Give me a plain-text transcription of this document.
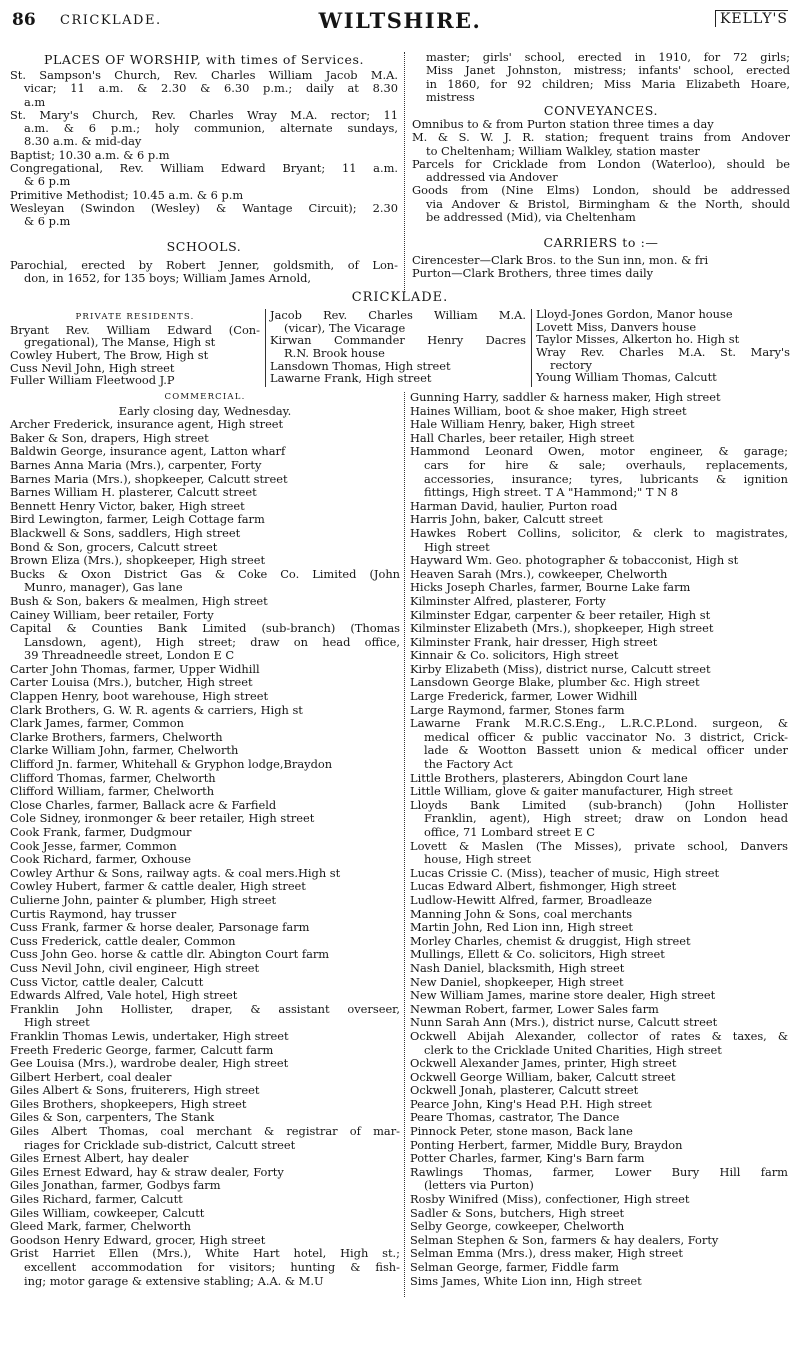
86 CRICKLADE.	WILTSHIRE.	KELLY'S
PLACES OF WORSHIP, with times of Services.
St. Sampson's Church, Rev. Charles William Jacob M.A.
vicar; 11 a.m. & 2.30 & 6.30 p.m.; daily at 8.30
a.m
St. Mary's Church, Rev. Charles Wray M.A. rector; 11
a.m. & 6 p.m.; holy communion, alternate sundays,
8.30 a.m. & mid-day
Baptist; 10.30 a.m. & 6 p.m
Congregational, Rev. William Edward Bryant; 11 a.m.
& 6 p.m
Primitive Methodist; 10.45 a.m. & 6 p.m
Wesleyan (Swindon (Wesley) & Wantage Circuit); 2.30
& 6 p.m
SCHOOLS.
Parochial, erected by Robert Jenner, goldsmith, of Lon-
don, in 1652, for 135 boys; William James Arnold,
master; girls' school, erected in 1910, for 72 girls;
Miss Janet Johnston, mistress; infants' school, erected
in 1860, for 92 children; Miss Maria Elizabeth Hoare,
mistress
CONVEYANCES.
Omnibus to & from Purton station three times a day
M. & S. W. J. R. station; frequent trains from Andover
to Cheltenham; William Walkley, station master
Parcels for Cricklade from London (Waterloo), should be
addressed via Andover
Goods from (Nine Elms) London, should be addressed
via Andover & Bristol, Birmingham & the North, should
be addressed (Mid), via Cheltenham
CARRIERS to :—
Cirencester—Clark Bros. to the Sun inn, mon. & fri
Purton—Clark Brothers, three times daily
CRICKLADE.
PRIVATE RESIDENTS.
Bryant Rev. William Edward (Con-
gregational), The Manse, High st
Cowley Hubert, The Brow, High st
Cuss Nevil John, High street
Fuller William Fleetwood J.P
Jacob Rev. Charles William M.A.
(vicar), The Vicarage
Kirwan Commander Henry Dacres
R.N. Brook house
Lansdown Thomas, High street
Lawarne Frank, High street
Lloyd-Jones Gordon, Manor house
Lovett Miss, Danvers house
Taylor Misses, Alkerton ho. High st
Wray Rev. Charles M.A. St. Mary's
rectory
Young William Thomas, Calcutt
COMMERCIAL.
Early closing day, Wednesday.
Archer Frederick, insurance agent, High street
Baker & Son, drapers, High street
Baldwin George, insurance agent, Latton wharf
Barnes Anna Maria (Mrs.), carpenter, Forty
Barnes Maria (Mrs.), shopkeeper, Calcutt street
Barnes William H. plasterer, Calcutt street
Bennett Henry Victor, baker, High street
Bird Lewington, farmer, Leigh Cottage farm
Blackwell & Sons, saddlers, High street
Bond & Son, grocers, Calcutt street
Brown Eliza (Mrs.), shopkeeper, High street
Bucks & Oxon District Gas & Coke Co. Limited (John
Munro, manager), Gas lane
Bush & Son, bakers & mealmen, High street
Cainey William, beer retailer, Forty
Capital & Counties Bank Limited (sub-branch) (Thomas
Lansdown, agent), High street; draw on head office,
39 Threadneedle street, London E C
Carter John Thomas, farmer, Upper Widhill
Carter Louisa (Mrs.), butcher, High street
Clappen Henry, boot warehouse, High street
Clark Brothers, G. W. R. agents & carriers, High st
Clark James, farmer, Common
Clarke Brothers, farmers, Chelworth
Clarke William John, farmer, Chelworth
Clifford Jn. farmer, Whitehall & Gryphon lodge,Braydon
Clifford Thomas, farmer, Chelworth
Clifford William, farmer, Chelworth
Close Charles, farmer, Ballack acre & Farfield
Cole Sidney, ironmonger & beer retailer, High street
Cook Frank, farmer, Dudgmour
Cook Jesse, farmer, Common
Cook Richard, farmer, Oxhouse
Cowley Arthur & Sons, railway agts. & coal mers.High st
Cowley Hubert, farmer & cattle dealer, High street
Culierne John, painter & plumber, High street
Curtis Raymond, hay trusser
Cuss Frank, farmer & horse dealer, Parsonage farm
Cuss Frederick, cattle dealer, Common
Cuss John Geo. horse & cattle dlr. Abington Court farm
Cuss Nevil John, civil engineer, High street
Cuss Victor, cattle dealer, Calcutt
Edwards Alfred, Vale hotel, High street
Franklin John Hollister, draper, & assistant overseer,
High street
Franklin Thomas Lewis, undertaker, High street
Freeth Frederic George, farmer, Calcutt farm
Gee Louisa (Mrs.), wardrobe dealer, High street
Gilbert Herbert, coal dealer
Giles Albert & Sons, fruiterers, High street
Giles Brothers, shopkeepers, High street
Giles & Son, carpenters, The Stank
Giles Albert Thomas, coal merchant & registrar of mar-
riages for Cricklade sub-district, Calcutt street
Giles Ernest Albert, hay dealer
Giles Ernest Edward, hay & straw dealer, Forty
Giles Jonathan, farmer, Godbys farm
Giles Richard, farmer, Calcutt
Giles William, cowkeeper, Calcutt
Gleed Mark, farmer, Chelworth
Goodson Henry Edward, grocer, High street
Grist Harriet Ellen (Mrs.), White Hart hotel, High st.;
excellent accommodation for visitors; hunting & fish-
ing; motor garage & extensive stabling; A.A. & M.U
Gunning Harry, saddler & harness maker, High street
Haines William, boot & shoe maker, High street
Hale William Henry, baker, High street
Hall Charles, beer retailer, High street
Hammond Leonard Owen, motor engineer, & garage;
cars for hire & sale; overhauls, replacements,
accessories, insurance; tyres, lubricants & ignition
fittings, High street. T A "Hammond;" T N 8
Harman David, haulier, Purton road
Harris John, baker, Calcutt street
Hawkes Robert Collins, solicitor, & clerk to magistrates,
High street
Hayward Wm. Geo. photographer & tobacconist, High st
Heaven Sarah (Mrs.), cowkeeper, Chelworth
Hicks Joseph Charles, farmer, Bourne Lake farm
Kilminster Alfred, plasterer, Forty
Kilminster Edgar, carpenter & beer retailer, High st
Kilminster Elizabeth (Mrs.), shopkeeper, High street
Kilminster Frank, hair dresser, High street
Kinnair & Co. solicitors, High street
Kirby Elizabeth (Miss), district nurse, Calcutt street
Lansdown George Blake, plumber &c. High street
Large Frederick, farmer, Lower Widhill
Large Raymond, farmer, Stones farm
Lawarne Frank M.R.C.S.Eng., L.R.C.P.Lond. surgeon, &
medical officer & public vaccinator No. 3 district, Crick-
lade & Wootton Bassett union & medical officer under
the Factory Act
Little Brothers, plasterers, Abingdon Court lane
Little William, glove & gaiter manufacturer, High street
Lloyds Bank Limited (sub-branch) (John Hollister
Franklin, agent), High street; draw on London head
office, 71 Lombard street E C
Lovett & Maslen (The Misses), private school, Danvers
house, High street
Lucas Crissie C. (Miss), teacher of music, High street
Lucas Edward Albert, fishmonger, High street
Ludlow-Hewitt Alfred, farmer, Broadleaze
Manning John & Sons, coal merchants
Martin John, Red Lion inn, High street
Morley Charles, chemist & druggist, High street
Mullings, Ellett & Co. solicitors, High street
Nash Daniel, blacksmith, High street
New Daniel, shopkeeper, High street
New William James, marine store dealer, High street
Newman Robert, farmer, Lower Sales farm
Nunn Sarah Ann (Mrs.), district nurse, Calcutt street
Ockwell Abijah Alexander, collector of rates & taxes, &
clerk to the Cricklade United Charities, High street
Ockwell Alexander James, printer, High street
Ockwell George William, baker, Calcutt street
Ockwell Jonah, plasterer, Calcutt street
Pearce John, King's Head P.H. High street
Peare Thomas, castrator, The Dance
Pinnock Peter, stone mason, Back lane
Ponting Herbert, farmer, Middle Bury, Braydon
Potter Charles, farmer, King's Barn farm
Rawlings Thomas, farmer, Lower Bury Hill farm
(letters via Purton)
Rosby Winifred (Miss), confectioner, High street
Sadler & Sons, butchers, High street
Selby George, cowkeeper, Chelworth
Selman Stephen & Son, farmers & hay dealers, Forty
Selman Emma (Mrs.), dress maker, High street
Selman George, farmer, Fiddle farm
Sims James, White Lion inn, High street
